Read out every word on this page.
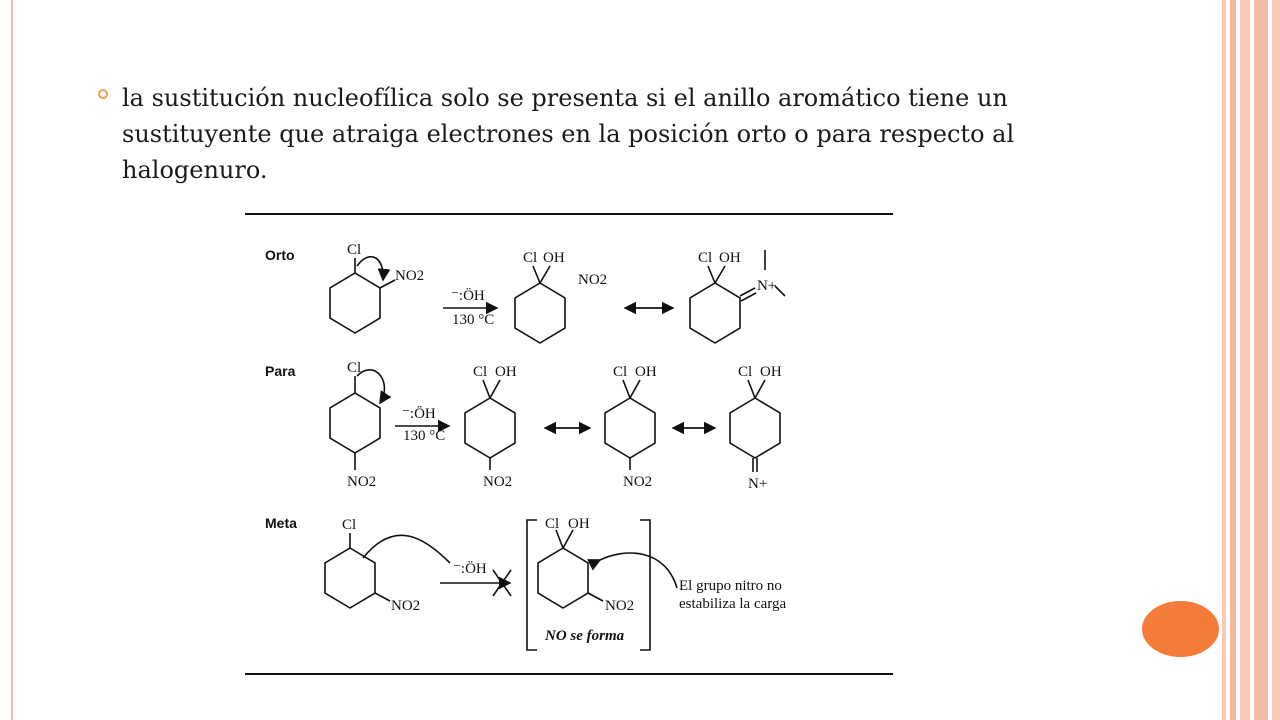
la sustitución nucleofílica solo se presenta si el anillo aromático tiene un sustituyente que atraiga electrones en la posición orto o para respecto al halogenuro.
Orto
Para
Meta
Cl
NO2
⁻:ÖH
130 °C
Cl OH
NO2
Cl OH
N+
Cl
NO2
⁻:ÖH
130 °C
Cl OH
NO2
Cl OH
NO2
Cl OH
N+
Cl
NO2
⁻:ÖH
Cl OH
NO2
NO se forma
El grupo nitro no
estabiliza la carga
